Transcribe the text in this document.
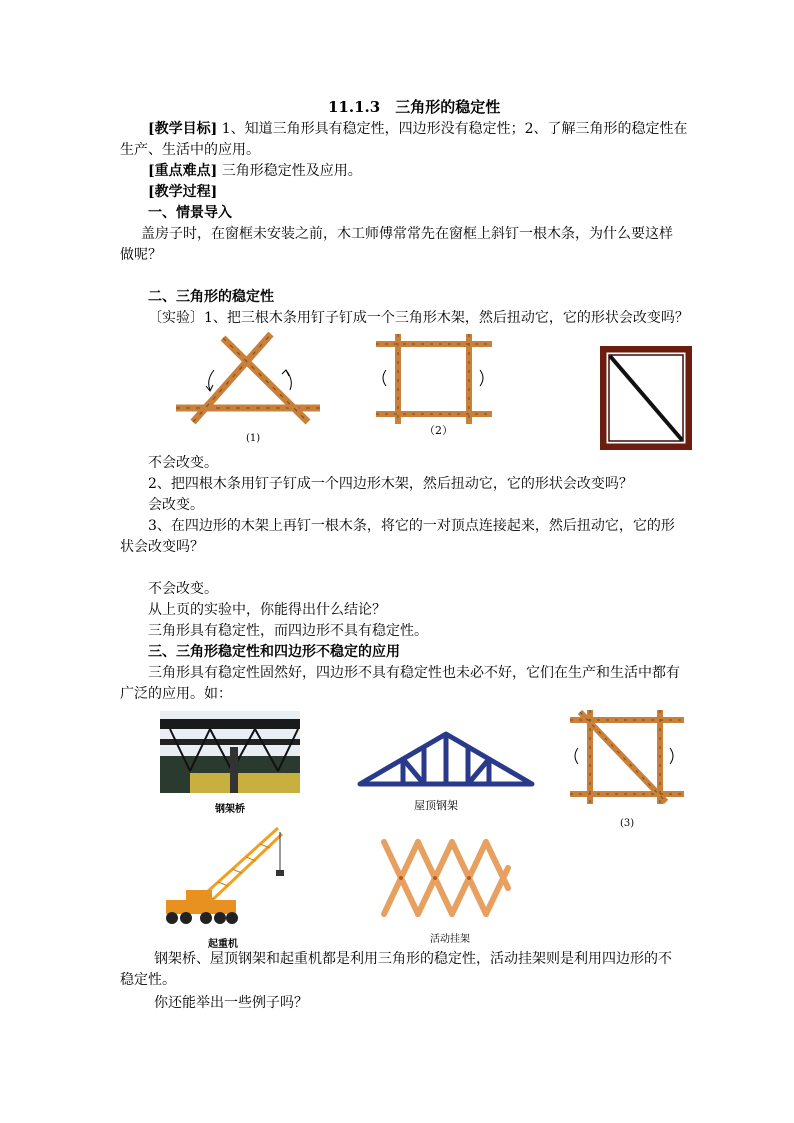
11.1.3　三角形的稳定性
[教学目标] 1、知道三角形具有稳定性，四边形没有稳定性；2、了解三角形的稳定性在
生产、生活中的应用。
[重点难点] 三角形稳定性及应用。
[教学过程]
一、情景导入
盖房子时，在窗框未安装之前，木工师傅常常先在窗框上斜钉一根木条，为什么要这样
做呢？
二、三角形的稳定性
〔实验〕1、把三根木条用钉子钉成一个三角形木架，然后扭动它，它的形状会改变吗？
(1)
（2）
不会改变。
2、把四根木条用钉子钉成一个四边形木架，然后扭动它，它的形状会改变吗？
会改变。
3、在四边形的木架上再钉一根木条，将它的一对顶点连接起来，然后扭动它，它的形
状会改变吗？
不会改变。
从上页的实验中，你能得出什么结论？
三角形具有稳定性，而四边形不具有稳定性。
三、三角形稳定性和四边形不稳定的应用
三角形具有稳定性固然好，四边形不具有稳定性也未必不好，它们在生产和生活中都有
广泛的应用。如：
钢架桥	屋顶钢架
(3)
起重机	活动挂架
钢架桥、屋顶钢架和起重机都是利用三角形的稳定性，活动挂架则是利用四边形的不
稳定性。
你还能举出一些例子吗？
